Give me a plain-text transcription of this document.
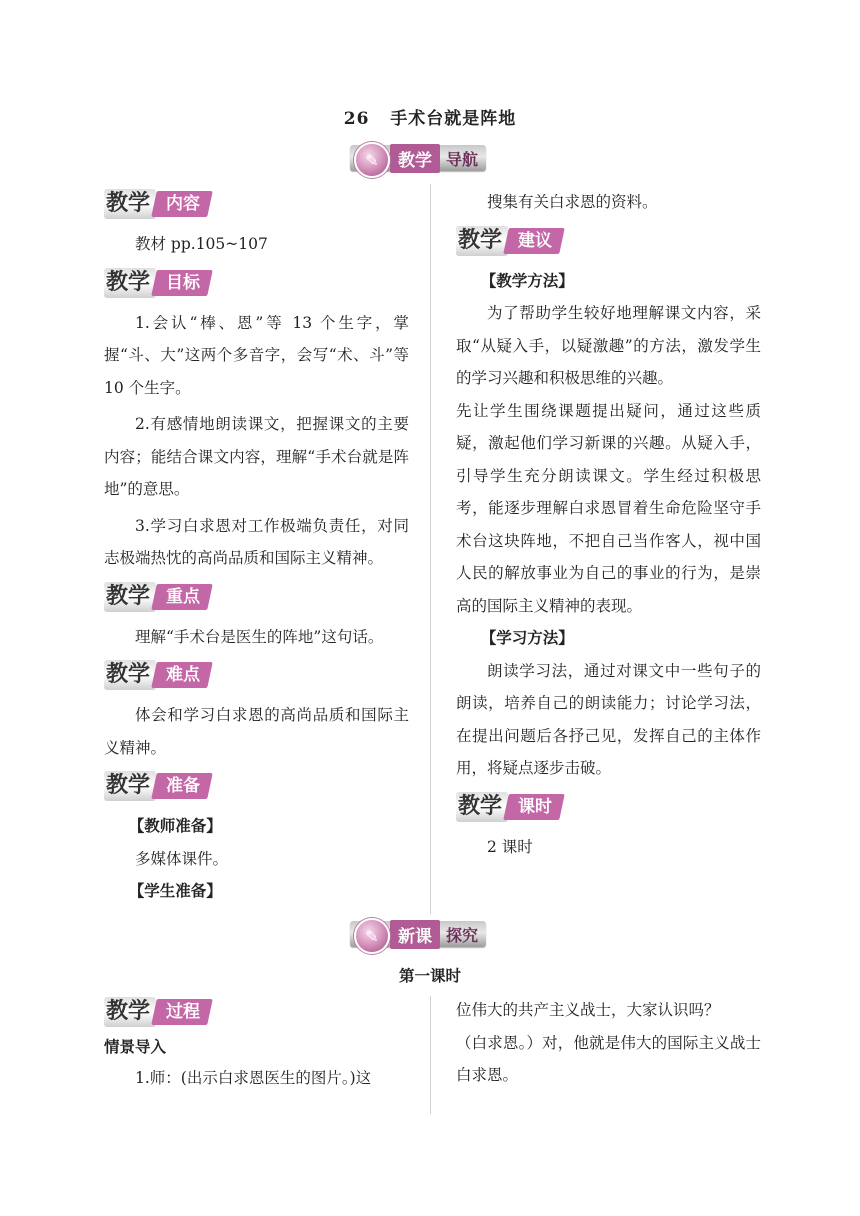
26 手术台就是阵地
✎	教学 导航
教学 内容

教材 pp.105~107

教学 目标

1.会认“棒、恩”等 13 个生字，掌握“斗、大”这两个多音字，会写“术、斗”等 10 个生字。

2.有感情地朗读课文，把握课文的主要内容；能结合课文内容，理解“手术台就是阵地”的意思。

3.学习白求恩对工作极端负责任，对同志极端热忱的高尚品质和国际主义精神。

教学 重点

理解“手术台是医生的阵地”这句话。

教学 难点

体会和学习白求恩的高尚品质和国际主义精神。

教学 准备

【教师准备】

多媒体课件。

【学生准备】

搜集有关白求恩的资料。

教学 建议

【教学方法】

为了帮助学生较好地理解课文内容，采取“从疑入手，以疑激趣”的方法，激发学生的学习兴趣和积极思维的兴趣。

先让学生围绕课题提出疑问，通过这些质疑，激起他们学习新课的兴趣。从疑入手，引导学生充分朗读课文。学生经过积极思考，能逐步理解白求恩冒着生命危险坚守手术台这块阵地，不把自己当作客人，视中国人民的解放事业为自己的事业的行为，是崇高的国际主义精神的表现。

【学习方法】

朗读学习法，通过对课文中一些句子的朗读，培养自己的朗读能力；讨论学习法，在提出问题后各抒己见，发挥自己的主体作用，将疑点逐步击破。

教学 课时

2 课时

✎	新课 探究
第一课时
教学 过程

情景导入

1.师：(出示白求恩医生的图片。)这

位伟大的共产主义战士，大家认识吗？

（白求恩。）对，他就是伟大的国际主义战士白求恩。
